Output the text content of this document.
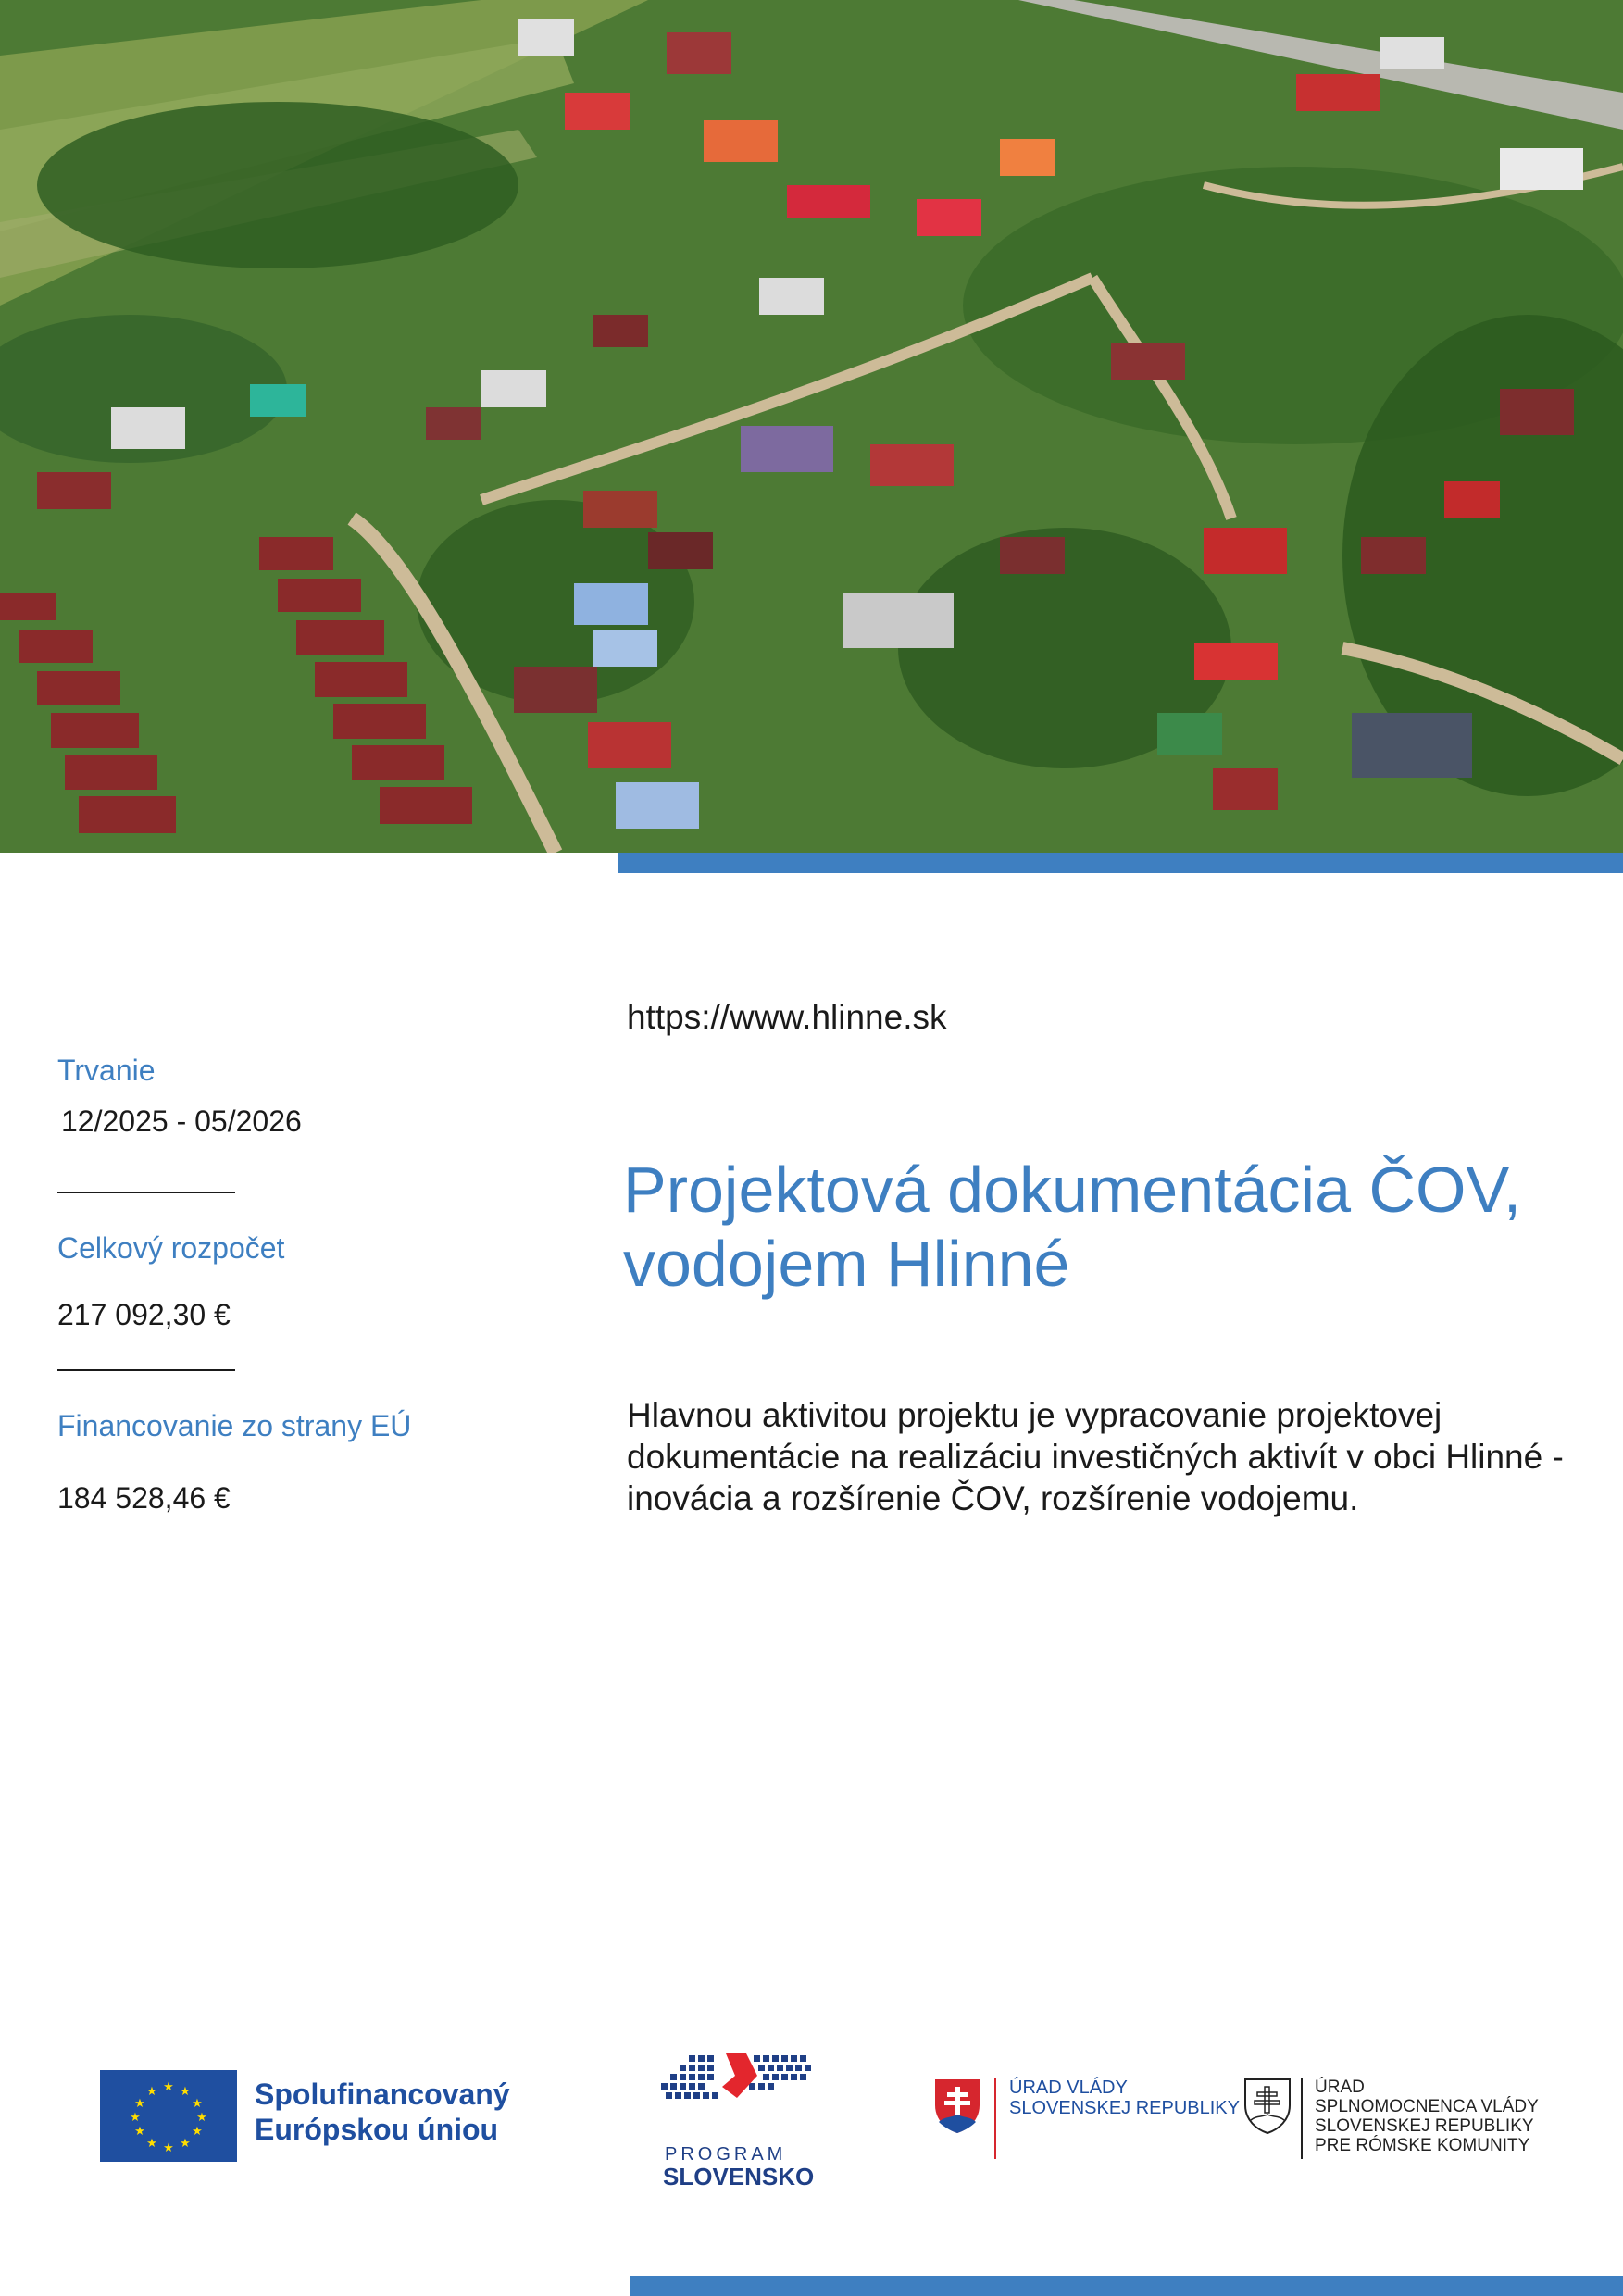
https://www.hlinne.sk
Trvanie
12/2025 - 05/2026
Celkový rozpočet
217 092,30 €
Financovanie zo strany EÚ
184 528,46 €
Projektová dokumentácia ČOV,
vodojem Hlinné

Hlavnou aktivitou projektu je vypracovanie projektovej dokumentácie na realizáciu investičných aktivít v obci Hlinné - inovácia a rozšírenie ČOV, rozšírenie vodojemu.

★ ★
★
★
★
★
★
★
★
★
★
★	Spolufinancovaný
Európskou úniou
PROGRAM
SLOVENSKO
ÚRAD VLÁDY
SLOVENSKEJ REPUBLIKY
ÚRAD
SPLNOMOCNENCA VLÁDY
SLOVENSKEJ REPUBLIKY
PRE RÓMSKE KOMUNITY
